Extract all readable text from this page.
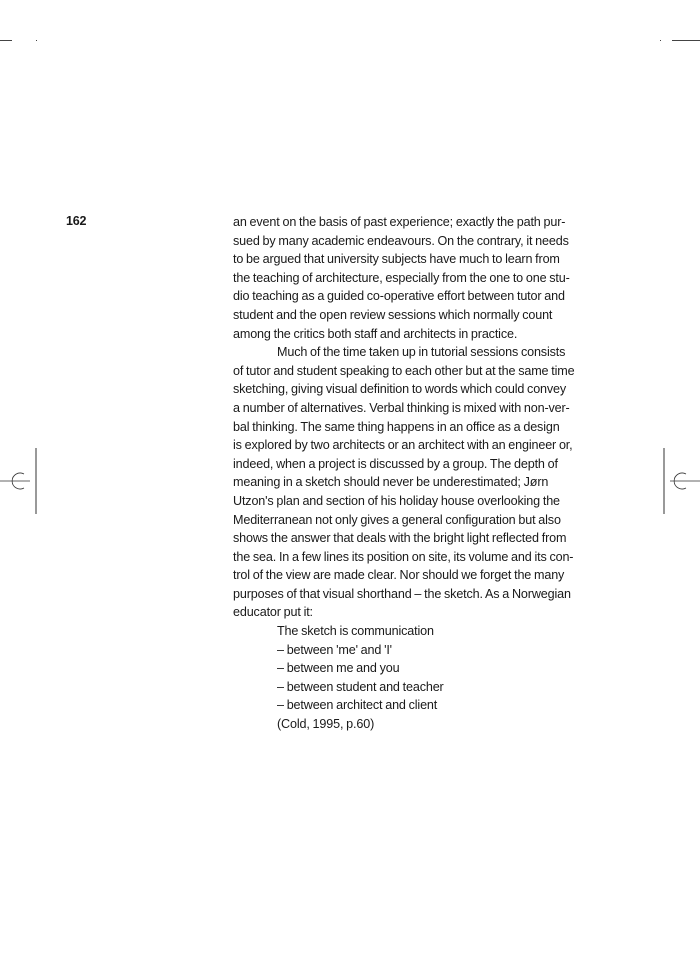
162	an event on the basis of past experience; exactly the path pur-
sued by many academic endeavours. On the contrary, it needs
to be argued that university subjects have much to learn from
the teaching of architecture, especially from the one to one stu-
dio teaching as a guided co-operative effort between tutor and
student and the open review sessions which normally count
among the critics both staff and architects in practice.
Much of the time taken up in tutorial sessions consists
of tutor and student speaking to each other but at the same time
sketching, giving visual definition to words which could convey
a number of alternatives. Verbal thinking is mixed with non-ver-
bal thinking. The same thing happens in an office as a design
is explored by two architects or an architect with an engineer or,
indeed, when a project is discussed by a group. The depth of
meaning in a sketch should never be underestimated; Jørn
Utzon's plan and section of his holiday house overlooking the
Mediterranean not only gives a general configuration but also
shows the answer that deals with the bright light reflected from
the sea. In a few lines its position on site, its volume and its con-
trol of the view are made clear. Nor should we forget the many
purposes of that visual shorthand – the sketch. As a Norwegian
educator put it:
The sketch is communication
– between 'me' and 'I'
– between me and you
– between student and teacher
– between architect and client
(Cold, 1995, p.60)
